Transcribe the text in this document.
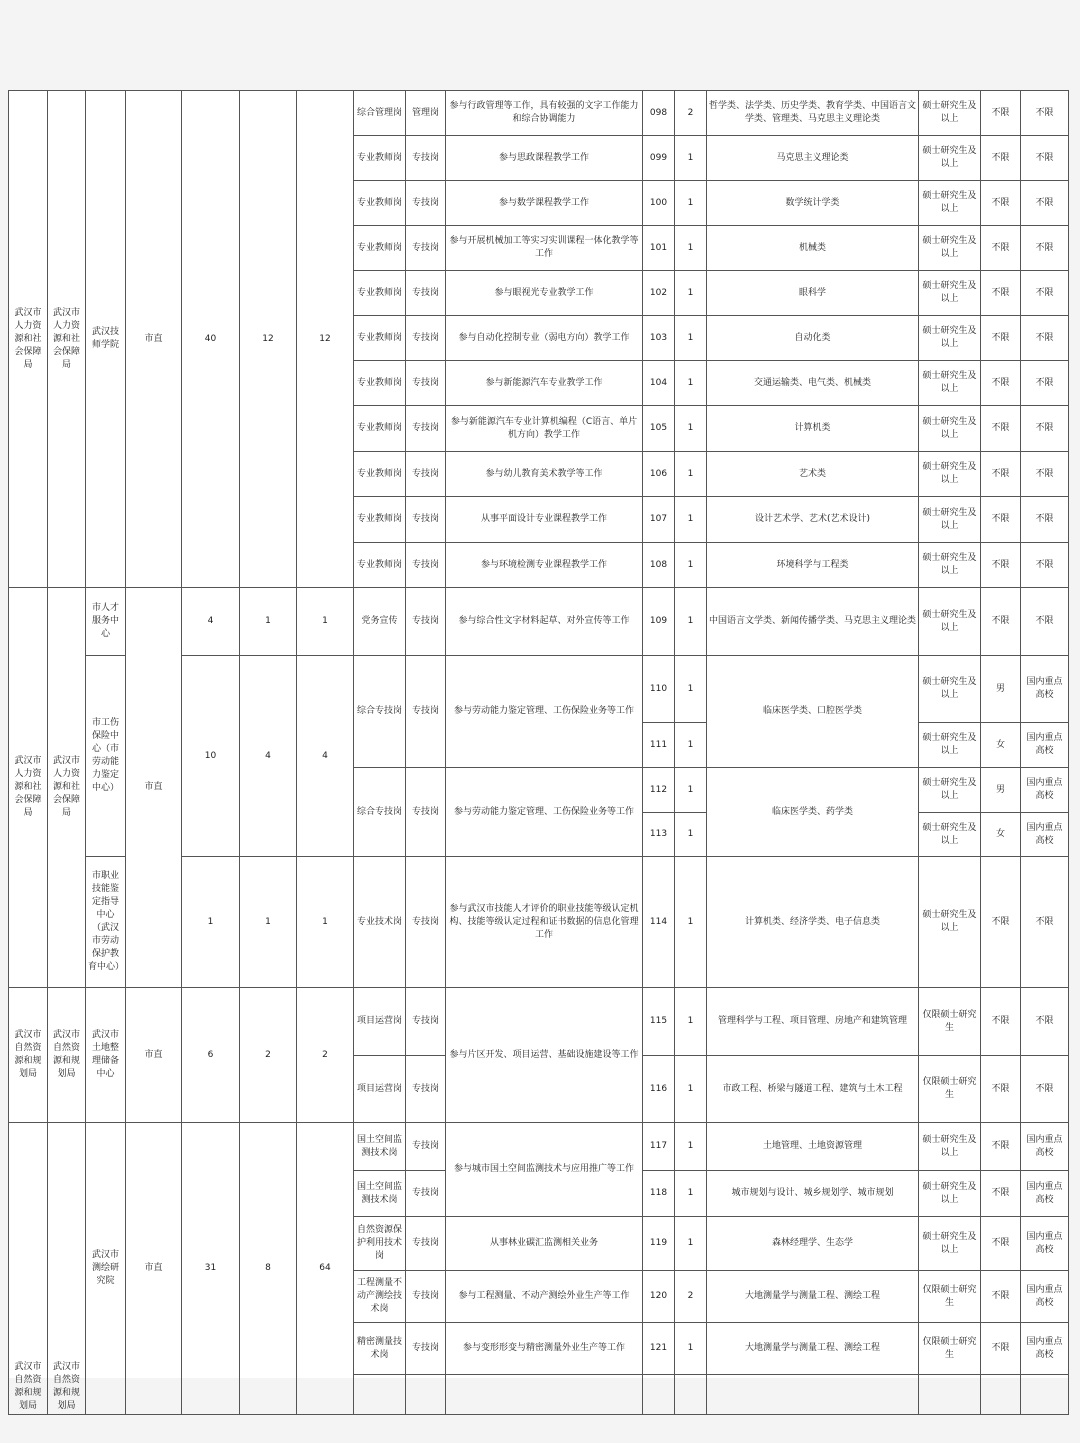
武汉市人力资源和社会保障局	武汉市人力资源和社会保障局	武汉技师学院	市直	40	12	12	综合管理岗	管理岗	参与行政管理等工作，具有较强的文字工作能力和综合协调能力	098	2	哲学类、法学类、历史学类、教育学类、中国语言文学类、管理类、马克思主义理论类	硕士研究生及以上	不限	不限
							专业教师岗	专技岗	参与思政课程教学工作	099	1	马克思主义理论类	硕士研究生及以上	不限	不限
							专业教师岗	专技岗	参与数学课程教学工作	100	1	数学统计学类	硕士研究生及以上	不限	不限
							专业教师岗	专技岗	参与开展机械加工等实习实训课程一体化教学等工作	101	1	机械类	硕士研究生及以上	不限	不限
							专业教师岗	专技岗	参与眼视光专业教学工作	102	1	眼科学	硕士研究生及以上	不限	不限
							专业教师岗	专技岗	参与自动化控制专业（弱电方向）教学工作	103	1	自动化类	硕士研究生及以上	不限	不限
							专业教师岗	专技岗	参与新能源汽车专业教学工作	104	1	交通运输类、电气类、机械类	硕士研究生及以上	不限	不限
							专业教师岗	专技岗	参与新能源汽车专业计算机编程（C语言、单片机方向）教学工作	105	1	计算机类	硕士研究生及以上	不限	不限
							专业教师岗	专技岗	参与幼儿教育美术教学等工作	106	1	艺术类	硕士研究生及以上	不限	不限
							专业教师岗	专技岗	从事平面设计专业课程教学工作	107	1	设计艺术学、艺术(艺术设计)	硕士研究生及以上	不限	不限
							专业教师岗	专技岗	参与环境检测专业课程教学工作	108	1	环境科学与工程类	硕士研究生及以上	不限	不限
武汉市人力资源和社会保障局	武汉市人力资源和社会保障局	市人才服务中心	市直	4	1	1	党务宣传	专技岗	参与综合性文字材料起草、对外宣传等工作	109	1	中国语言文学类、新闻传播学类、马克思主义理论类	硕士研究生及以上	不限	不限
		市工伤保险中心（市劳动能力鉴定中心）		10	4	4	综合专技岗	专技岗	参与劳动能力鉴定管理、工伤保险业务等工作	110	1	临床医学类、口腔医学类	硕士研究生及以上	男	国内重点高校
										111	1		硕士研究生及以上	女	国内重点高校
							综合专技岗	专技岗	参与劳动能力鉴定管理、工伤保险业务等工作	112	1	临床医学类、药学类	硕士研究生及以上	男	国内重点高校
										113	1		硕士研究生及以上	女	国内重点高校
		市职业技能鉴定指导中心（武汉市劳动保护教育中心）		1	1	1	专业技术岗	专技岗	参与武汉市技能人才评价的职业技能等级认定机构、技能等级认定过程和证书数据的信息化管理工作	114	1	计算机类、经济学类、电子信息类	硕士研究生及以上	不限	不限
武汉市自然资源和规划局	武汉市自然资源和规划局	武汉市土地整理储备中心	市直	6	2	2	项目运营岗	专技岗	参与片区开发、项目运营、基础设施建设等工作	115	1	管理科学与工程、项目管理、房地产和建筑管理	仅限硕士研究生	不限	不限
							项目运营岗	专技岗		116	1	市政工程、桥梁与隧道工程、建筑与土木工程	仅限硕士研究生	不限	不限
武汉市自然资源和规划局	武汉市自然资源和规划局	武汉市测绘研究院	市直	31	8	64	国土空间监测技术岗	专技岗	参与城市国土空间监测技术与应用推广等工作	117	1	土地管理、土地资源管理	硕士研究生及以上	不限	国内重点高校
							国土空间监测技术岗	专技岗		118	1	城市规划与设计、城乡规划学、城市规划	硕士研究生及以上	不限	国内重点高校
							自然资源保护利用技术岗	专技岗	从事林业碳汇监测相关业务	119	1	森林经理学、生态学	硕士研究生及以上	不限	国内重点高校
							工程测量不动产测绘技术岗	专技岗	参与工程测量、不动产测绘外业生产等工作	120	2	大地测量学与测量工程、测绘工程	仅限硕士研究生	不限	国内重点高校
							精密测量技术岗	专技岗	参与变形形变与精密测量外业生产等工作	121	1	大地测量学与测量工程、测绘工程	仅限硕士研究生	不限	国内重点高校
